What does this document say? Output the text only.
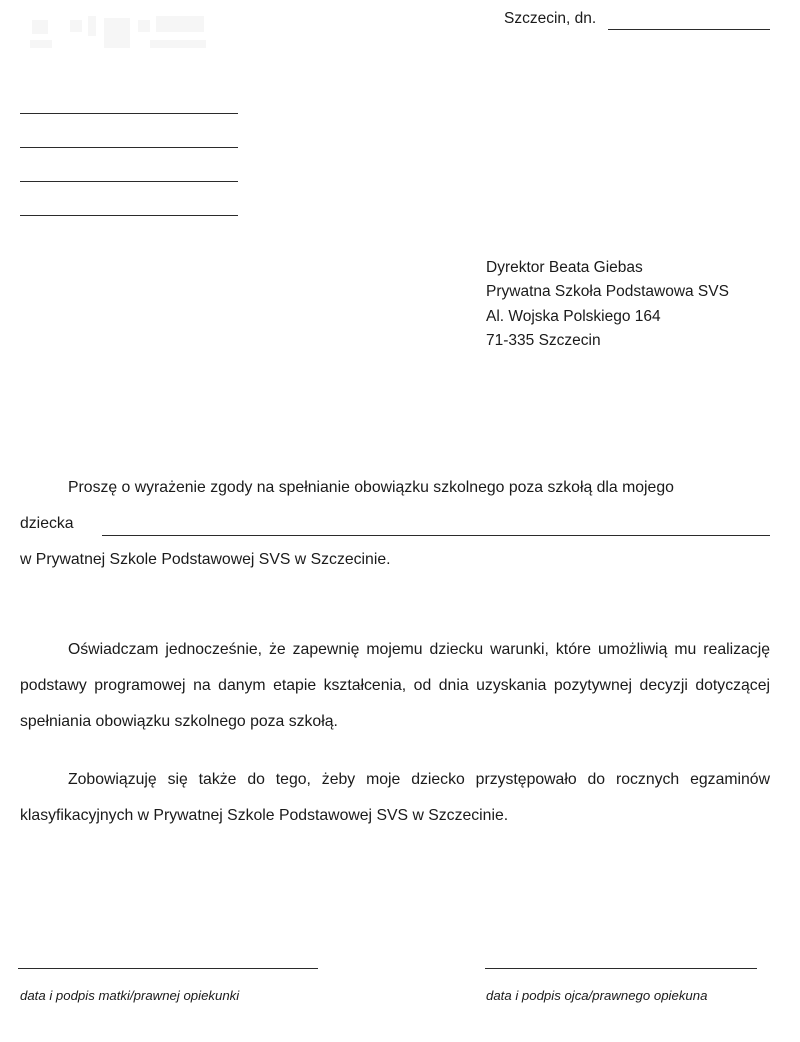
Szczecin, dn.
Dyrektor Beata Giebas
Prywatna Szkoła Podstawowa SVS
Al. Wojska Polskiego 164
71-335 Szczecin

Proszę o wyrażenie zgody na spełnianie obowiązku szkolnego poza szkołą dla mojego

dziecka

w Prywatnej Szkole Podstawowej SVS w Szczecinie.

Oświadczam jednocześnie, że zapewnię mojemu dziecku warunki, które umożliwią mu realizację podstawy programowej na danym etapie kształcenia, od dnia uzyskania pozytywnej decyzji dotyczącej spełniania obowiązku szkolnego poza szkołą.

Zobowiązuję się także do tego, żeby moje dziecko przystępowało do rocznych egzaminów klasyfikacyjnych w Prywatnej Szkole Podstawowej SVS w Szczecinie.

data i podpis matki/prawnej opiekunki	data i podpis ojca/prawnego opiekuna
